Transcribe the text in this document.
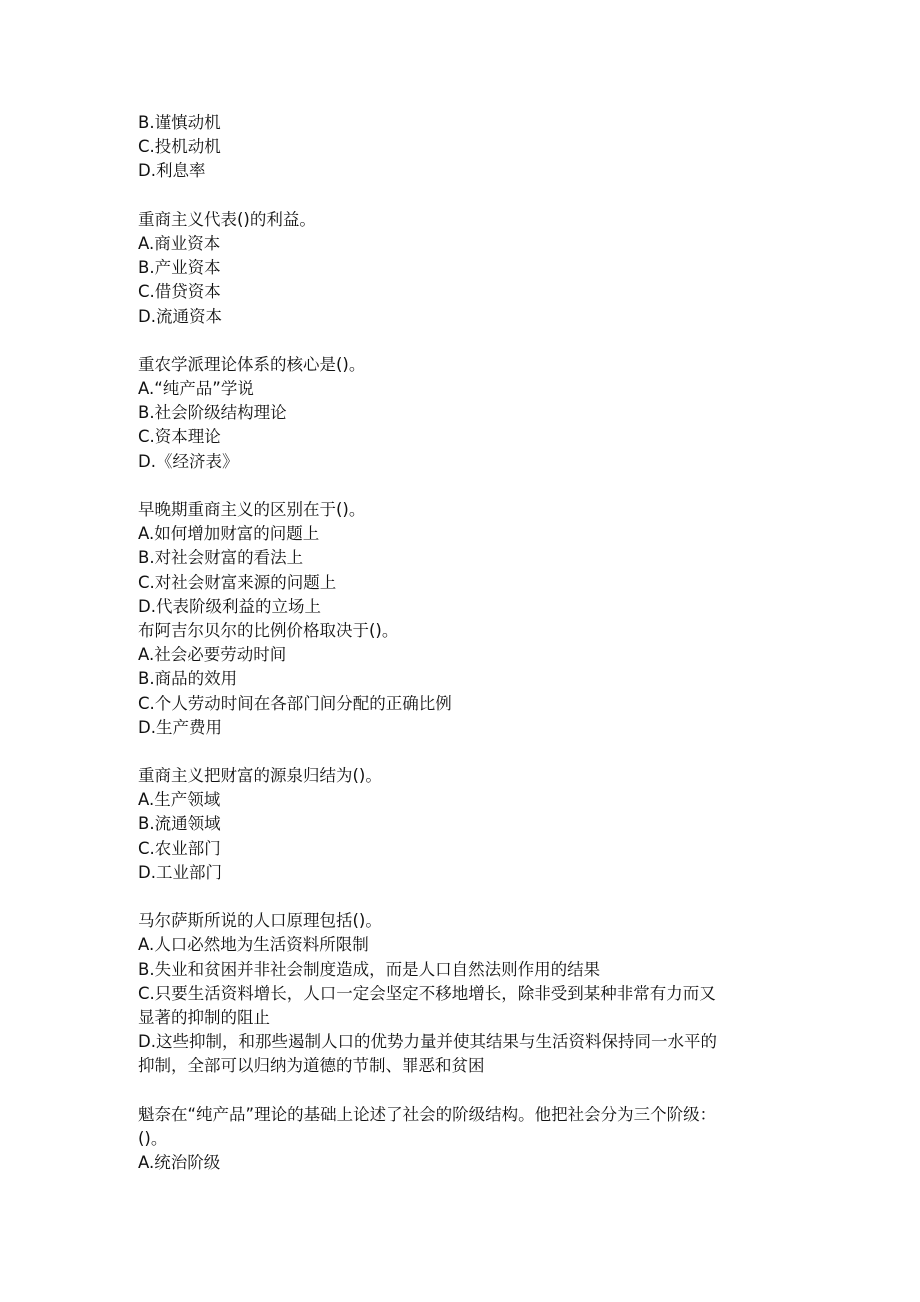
B.谨慎动机
C.投机动机
D.利息率
重商主义代表()的利益。
A.商业资本
B.产业资本
C.借贷资本
D.流通资本
重农学派理论体系的核心是()。
A.“纯产品”学说
B.社会阶级结构理论
C.资本理论
D.《经济表》
早晚期重商主义的区别在于()。
A.如何增加财富的问题上
B.对社会财富的看法上
C.对社会财富来源的问题上
D.代表阶级利益的立场上
布阿吉尔贝尔的比例价格取决于()。
A.社会必要劳动时间
B.商品的效用
C.个人劳动时间在各部门间分配的正确比例
D.生产费用
重商主义把财富的源泉归结为()。
A.生产领域
B.流通领域
C.农业部门
D.工业部门
马尔萨斯所说的人口原理包括()。
A.人口必然地为生活资料所限制
B.失业和贫困并非社会制度造成，而是人口自然法则作用的结果
C.只要生活资料增长，人口一定会坚定不移地增长，除非受到某种非常有力而又
显著的抑制的阻止
D.这些抑制，和那些遏制人口的优势力量并使其结果与生活资料保持同一水平的
抑制，全部可以归纳为道德的节制、罪恶和贫困
魁奈在“纯产品”理论的基础上论述了社会的阶级结构。他把社会分为三个阶级：
()。
A.统治阶级
